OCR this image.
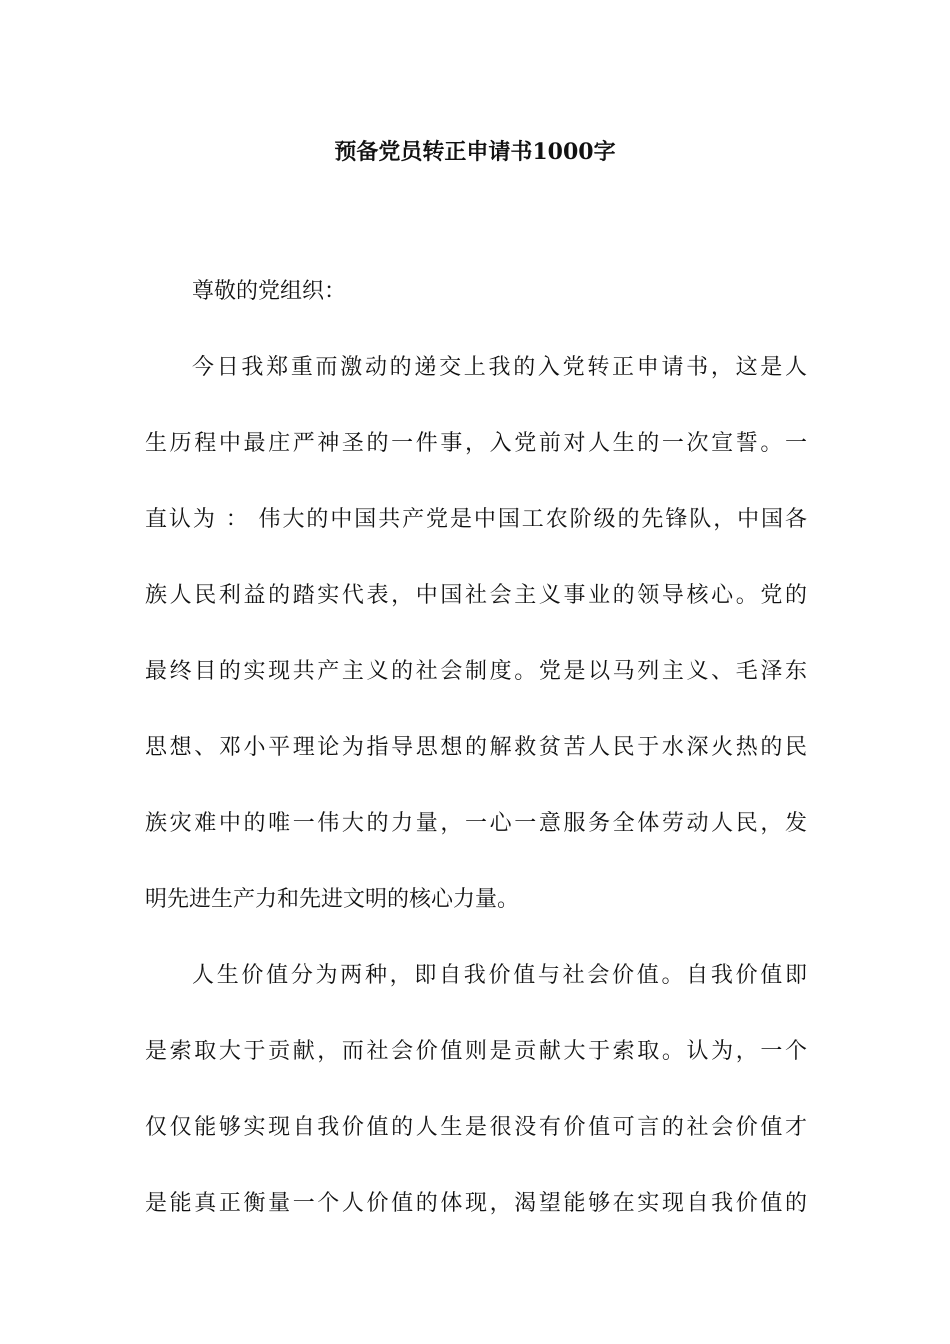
预备党员转正申请书1000字
尊敬的党组织：
今日我郑重而激动的递交上我的入党转正申请书，这是人
生历程中最庄严神圣的一件事，入党前对人生的一次宣誓。一
直认为 ： 伟大的中国共产党是中国工农阶级的先锋队，中国各
族人民利益的踏实代表，中国社会主义事业的领导核心。党的
最终目的实现共产主义的社会制度。党是以马列主义、毛泽东
思想、邓小平理论为指导思想的解救贫苦人民于水深火热的民
族灾难中的唯一伟大的力量，一心一意服务全体劳动人民，发
明先进生产力和先进文明的核心力量。
人生价值分为两种，即自我价值与社会价值。自我价值即
是索取大于贡献，而社会价值则是贡献大于索取。认为，一个
仅仅能够实现自我价值的人生是很没有价值可言的社会价值才
是能真正衡量一个人价值的体现，渴望能够在实现自我价值的
